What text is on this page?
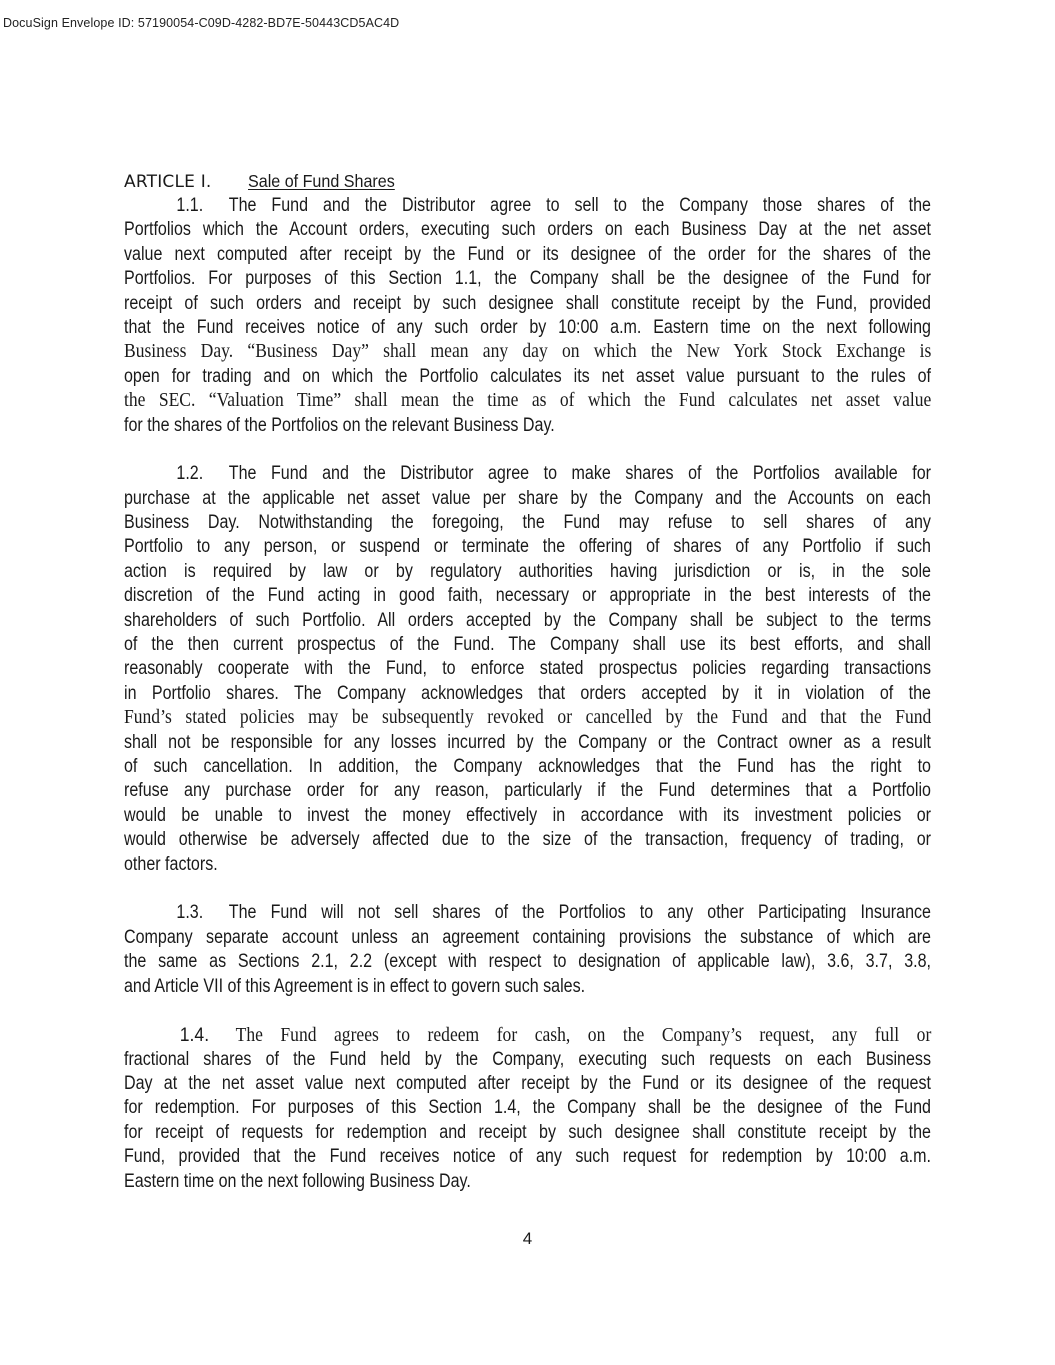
DocuSign Envelope ID: 57190054-C09D-4282-BD7E-50443CD5AC4D
ARTICLE I. Sale of Fund Shares
1.1. The Fund and the Distributor agree to sell to the Company those shares of the
Portfolios which the Account orders, executing such orders on each Business Day at the net asset
value next computed after receipt by the Fund or its designee of the order for the shares of the
Portfolios. For purposes of this Section 1.1, the Company shall be the designee of the Fund for
receipt of such orders and receipt by such designee shall constitute receipt by the Fund, provided
that the Fund receives notice of any such order by 10:00 a.m. Eastern time on the next following
Business Day. “Business Day” shall mean any day on which the New York Stock Exchange is
open for trading and on which the Portfolio calculates its net asset value pursuant to the rules of
the SEC. “Valuation Time” shall mean the time as of which the Fund calculates net asset value
for the shares of the Portfolios on the relevant Business Day.
1.2. The Fund and the Distributor agree to make shares of the Portfolios available for
purchase at the applicable net asset value per share by the Company and the Accounts on each
Business Day. Notwithstanding the foregoing, the Fund may refuse to sell shares of any
Portfolio to any person, or suspend or terminate the offering of shares of any Portfolio if such
action is required by law or by regulatory authorities having jurisdiction or is, in the sole
discretion of the Fund acting in good faith, necessary or appropriate in the best interests of the
shareholders of such Portfolio. All orders accepted by the Company shall be subject to the terms
of the then current prospectus of the Fund. The Company shall use its best efforts, and shall
reasonably cooperate with the Fund, to enforce stated prospectus policies regarding transactions
in Portfolio shares. The Company acknowledges that orders accepted by it in violation of the
Fund’s stated policies may be subsequently revoked or cancelled by the Fund and that the Fund
shall not be responsible for any losses incurred by the Company or the Contract owner as a result
of such cancellation. In addition, the Company acknowledges that the Fund has the right to
refuse any purchase order for any reason, particularly if the Fund determines that a Portfolio
would be unable to invest the money effectively in accordance with its investment policies or
would otherwise be adversely affected due to the size of the transaction, frequency of trading, or
other factors.
1.3. The Fund will not sell shares of the Portfolios to any other Participating Insurance
Company separate account unless an agreement containing provisions the substance of which are
the same as Sections 2.1, 2.2 (except with respect to designation of applicable law), 3.6, 3.7, 3.8,
and Article VII of this Agreement is in effect to govern such sales.
1.4. The Fund agrees to redeem for cash, on the Company’s request, any full or
fractional shares of the Fund held by the Company, executing such requests on each Business
Day at the net asset value next computed after receipt by the Fund or its designee of the request
for redemption. For purposes of this Section 1.4, the Company shall be the designee of the Fund
for receipt of requests for redemption and receipt by such designee shall constitute receipt by the
Fund, provided that the Fund receives notice of any such request for redemption by 10:00 a.m.
Eastern time on the next following Business Day.
4
